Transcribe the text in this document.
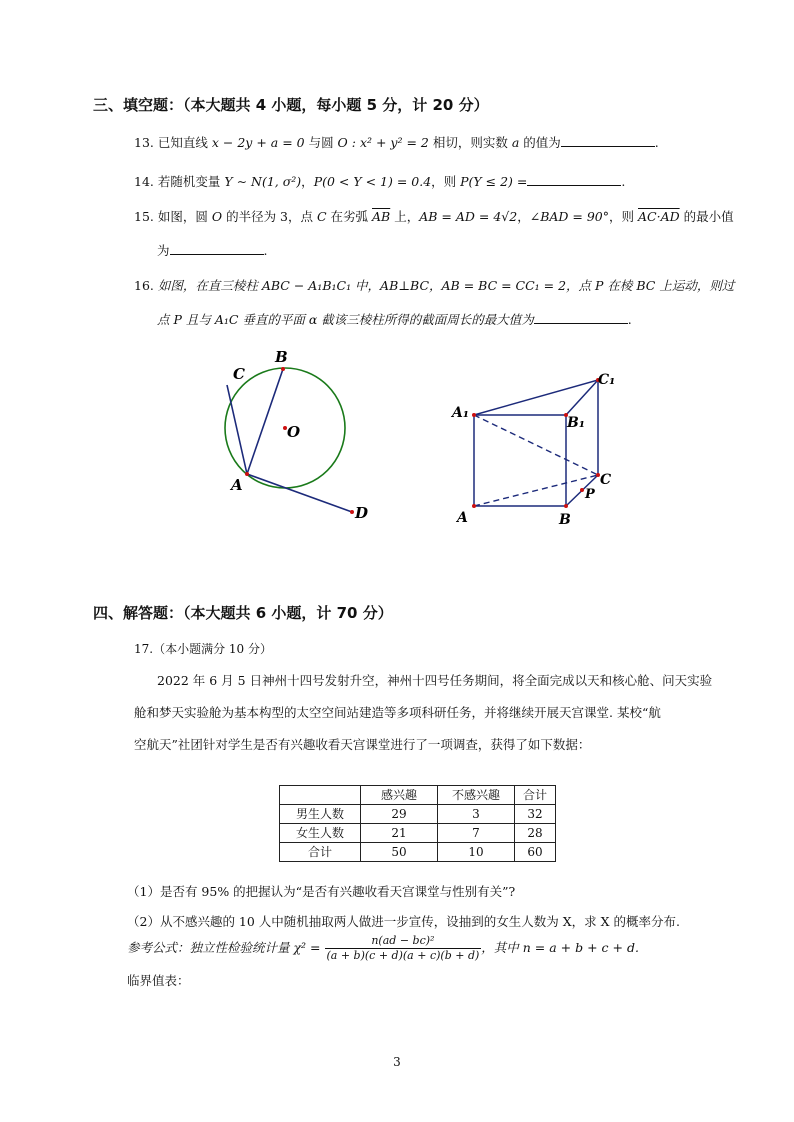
三、填空题：（本大题共 4 小题，每小题 5 分，计 20 分）
13. 已知直线 x − 2y + a = 0 与圆 O : x² + y² = 2 相切，则实数 a 的值为	.
14. 若随机变量 Y ∼ N(1, σ²)，P(0 < Y < 1) = 0.4，则 P(Y ≤ 2) =	.
15. 如图，圆 O 的半径为 3，点 C 在劣弧 $\overline{AB}$ 上，AB = AD = 4√2，∠BAD = 90°，则 AC·AD 的最小值
为	.
16. 如图，在直三棱柱 ABC − A₁B₁C₁ 中，AB⊥BC，AB = BC = CC₁ = 2，点 P 在棱 BC 上运动，则过
点 P 且与 A₁C 垂直的平面 α 截该三棱柱所得的截面周长的最大值为	.
B
C
O
A
D
C₁
A₁
B₁
C
P
A	B
四、解答题：（本大题共 6 小题，计 70 分）
17.（本小题满分 10 分）
2022 年 6 月 5 日神州十四号发射升空，神州十四号任务期间，将全面完成以天和核心舱、问天实验
舱和梦天实验舱为基本构型的太空空间站建造等多项科研任务，并将继续开展天宫课堂. 某校“航
空航天”社团针对学生是否有兴趣收看天宫课堂进行了一项调查，获得了如下数据：
	感兴趣	不感兴趣	合计
男生人数	29	3	32
女生人数	21	7	28
合计	50	10	60
（1）是否有 95% 的把握认为“是否有兴趣收看天宫课堂与性别有关”?
（2）从不感兴趣的 10 人中随机抽取两人做进一步宣传，设抽到的女生人数为 X，求 X 的概率分布.
参考公式：独立性检验统计量 $\chi^2 = \frac{\text{n(ad − bc)²}}{(a + b)(c + d)(a + c)(b + d)}$ ，其中 n = a + b + c + d.
临界值表：
3
